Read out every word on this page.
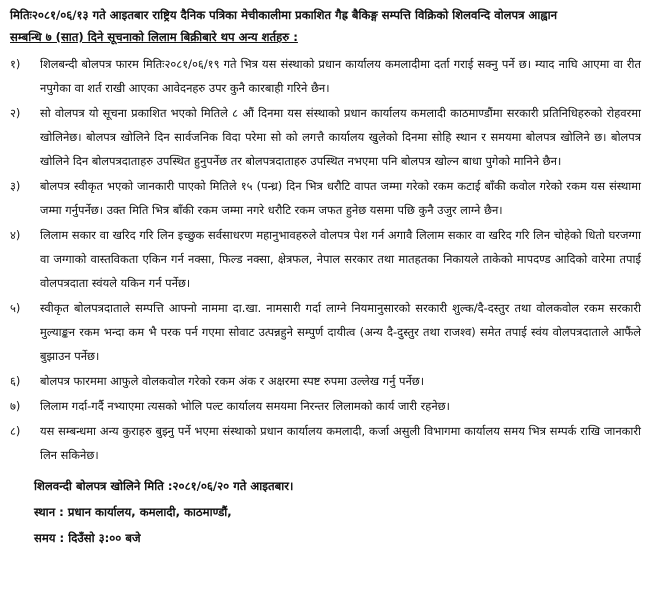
मितिः२०८१/०६/१३ गते आइतबार राष्ट्रिय दैनिक पत्रिका मेचीकालीमा प्रकाशित गैह्र बैकिङ्ग सम्पत्ति विक्रिको शिलवन्दि वोलपत्र आह्वान
सम्बन्धि ७ (सात) दिने सूचनाको लिलाम बिक्रीबारे थप अन्य शर्तहरु :
१)	शिलबन्दी बोलपत्र फारम मितिः२०८१/०६/१९ गते भित्र यस संस्थाको प्रधान कार्यालय कमलादीमा दर्ता गराई सक्नु पर्ने छ। म्याद नाघि आएमा वा रीत नपुगेका वा शर्त राखी आएका आवेदनहरु उपर कुनै कारबाही गरिने छैन।
२)	सो वोलपत्र यो सूचना प्रकाशित भएको मितिले ८ औं दिनमा यस संस्थाको प्रधान कार्यालय कमलादी काठमाण्डौंमा सरकारी प्रतिनिधिहरुको रोहवरमा खोलिनेछ। बोलपत्र खोलिने दिन सार्वजनिक विदा परेमा सो को लगत्तै कार्यालय खुलेको दिनमा सोहि स्थान र समयमा बोलपत्र खोलिने छ। बोलपत्र खोलिने दिन बोलपत्रदाताहरु उपस्थित हुनुपर्नेछ तर बोलपत्रदाताहरु उपस्थित नभएमा पनि बोलपत्र खोल्न बाधा पुगेको मानिने छैन।
३)	बोलपत्र स्वीकृत भएको जानकारी पाएको मितिले १५ (पन्ध्र) दिन भित्र धरौटि वापत जम्मा गरेको रकम कटाई बाँकी कवोल गरेको रकम यस संस्थामा जम्मा गर्नुपर्नेछ। उक्त मिति भित्र बाँकी रकम जम्मा नगरे धरौटि रकम जफत हुनेछ यसमा पछि कुनै उजुर लाग्ने छैन।
४)	लिलाम सकार वा खरिद गरि लिन इच्छुक सर्वसाधरण महानुभावहरुले वोलपत्र पेश गर्न अगावै लिलाम सकार वा खरिद गरि लिन चोहेको धितो घरजग्गा वा जग्गाको वास्तविकता एकिन गर्न नक्सा, फिल्ड नक्सा, क्षेत्रफल, नेपाल सरकार तथा मातहतका निकायले ताकेको मापदण्ड आदिको वारेमा तपाई वोलपत्रदाता स्वंयले यकिन गर्न पर्नेछ।
५)	स्वीकृत बोलपत्रदाताले सम्पत्ति आफ्नो नाममा दा.खा. नामसारी गर्दा लाग्ने नियमानुसारको सरकारी शुल्क/दै-दस्तुर तथा वोलकवोल रकम सरकारी मुल्याङ्कन रकम भन्दा कम भै परक पर्न गएमा सोवाट उत्पन्नहुने सम्पुर्ण दायीत्व (अन्य दै-दुस्तुर तथा राजश्व) समेत तपाई स्वंय वोलपत्रदाताले आफैंले बुझाउन पर्नेछ।
६)	बोलपत्र फारममा आफुले वोलकवोल गरेको रकम अंक र अक्षरमा स्पष्ट रुपमा उल्लेख गर्नु पर्नेछ।
७)	लिलाम गर्दा-गर्दै नभ्याएमा त्यसको भोलि पल्ट कार्यालय समयमा निरन्तर लिलामको कार्य जारी रहनेछ।
८)	यस सम्बन्धमा अन्य कुराहरु बुझ्नु पर्ने भएमा संस्थाको प्रधान कार्यालय कमलादी, कर्जा असुली विभागमा कार्यालय समय भित्र सम्पर्क राखि जानकारी लिन सकिनेछ।
शिलवन्दी बोलपत्र खोलिने मिति :२०८१/०६/२० गते आइतबार।
स्थान : प्रधान कार्यालय, कमलादी, काठमाण्डौं,
समय : दिउँसो ३:०० बजे
